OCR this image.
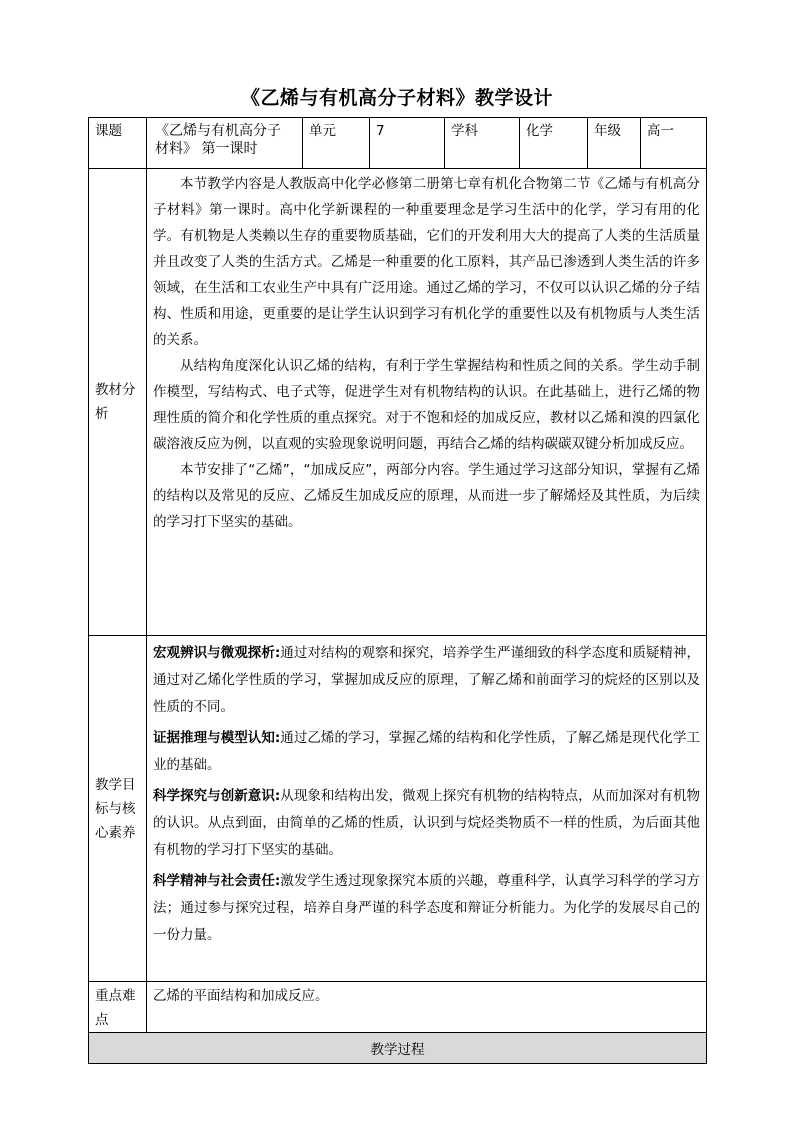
《乙烯与有机高分子材料》教学设计
课题	《乙烯与有机高分子材料》 第一课时	单元	7	学科	化学	年级	高一

教材分析	本节教学内容是人教版高中化学必修第二册第七章有机化合物第二节《乙烯与有机高分子材料》第一课时。高中化学新课程的一种重要理念是学习生活中的化学，学习有用的化学。有机物是人类赖以生存的重要物质基础，它们的开发利用大大的提高了人类的生活质量并且改变了人类的生活方式。乙烯是一种重要的化工原料，其产品已渗透到人类生活的许多领域，在生活和工农业生产中具有广泛用途。通过乙烯的学习，不仅可以认识乙烯的分子结构、性质和用途，更重要的是让学生认识到学习有机化学的重要性以及有机物质与人类生活的关系。

从结构角度深化认识乙烯的结构，有利于学生掌握结构和性质之间的关系。学生动手制作模型，写结构式、电子式等，促进学生对有机物结构的认识。在此基础上，进行乙烯的物理性质的简介和化学性质的重点探究。对于不饱和烃的加成反应，教材以乙烯和溴的四氯化碳溶液反应为例，以直观的实验现象说明问题，再结合乙烯的结构碳碳双键分析加成反应。

本节安排了“乙烯”，“加成反应”，两部分内容。学生通过学习这部分知识，掌握有乙烯的结构以及常见的反应、乙烯反生加成反应的原理，从而进一步了解烯烃及其性质，为后续的学习打下坚实的基础。						

教学目标与核心素养	宏观辨识与微观探析:通过对结构的观察和探究，培养学生严谨细致的科学态度和质疑精神，通过对乙烯化学性质的学习，掌握加成反应的原理，了解乙烯和前面学习的烷烃的区别以及性质的不同。

证据推理与模型认知:通过乙烯的学习，掌握乙烯的结构和化学性质，了解乙烯是现代化学工业的基础。

科学探究与创新意识:从现象和结构出发，微观上探究有机物的结构特点，从而加深对有机物的认识。从点到面，由简单的乙烯的性质，认识到与烷烃类物质不一样的性质，为后面其他有机物的学习打下坚实的基础。

科学精神与社会责任:激发学生透过现象探究本质的兴趣，尊重科学，认真学习科学的学习方法；通过参与探究过程，培养自身严谨的科学态度和辩证分析能力。为化学的发展尽自己的一份力量。						

重点难点	乙烯的平面结构和加成反应。						

教学过程							
